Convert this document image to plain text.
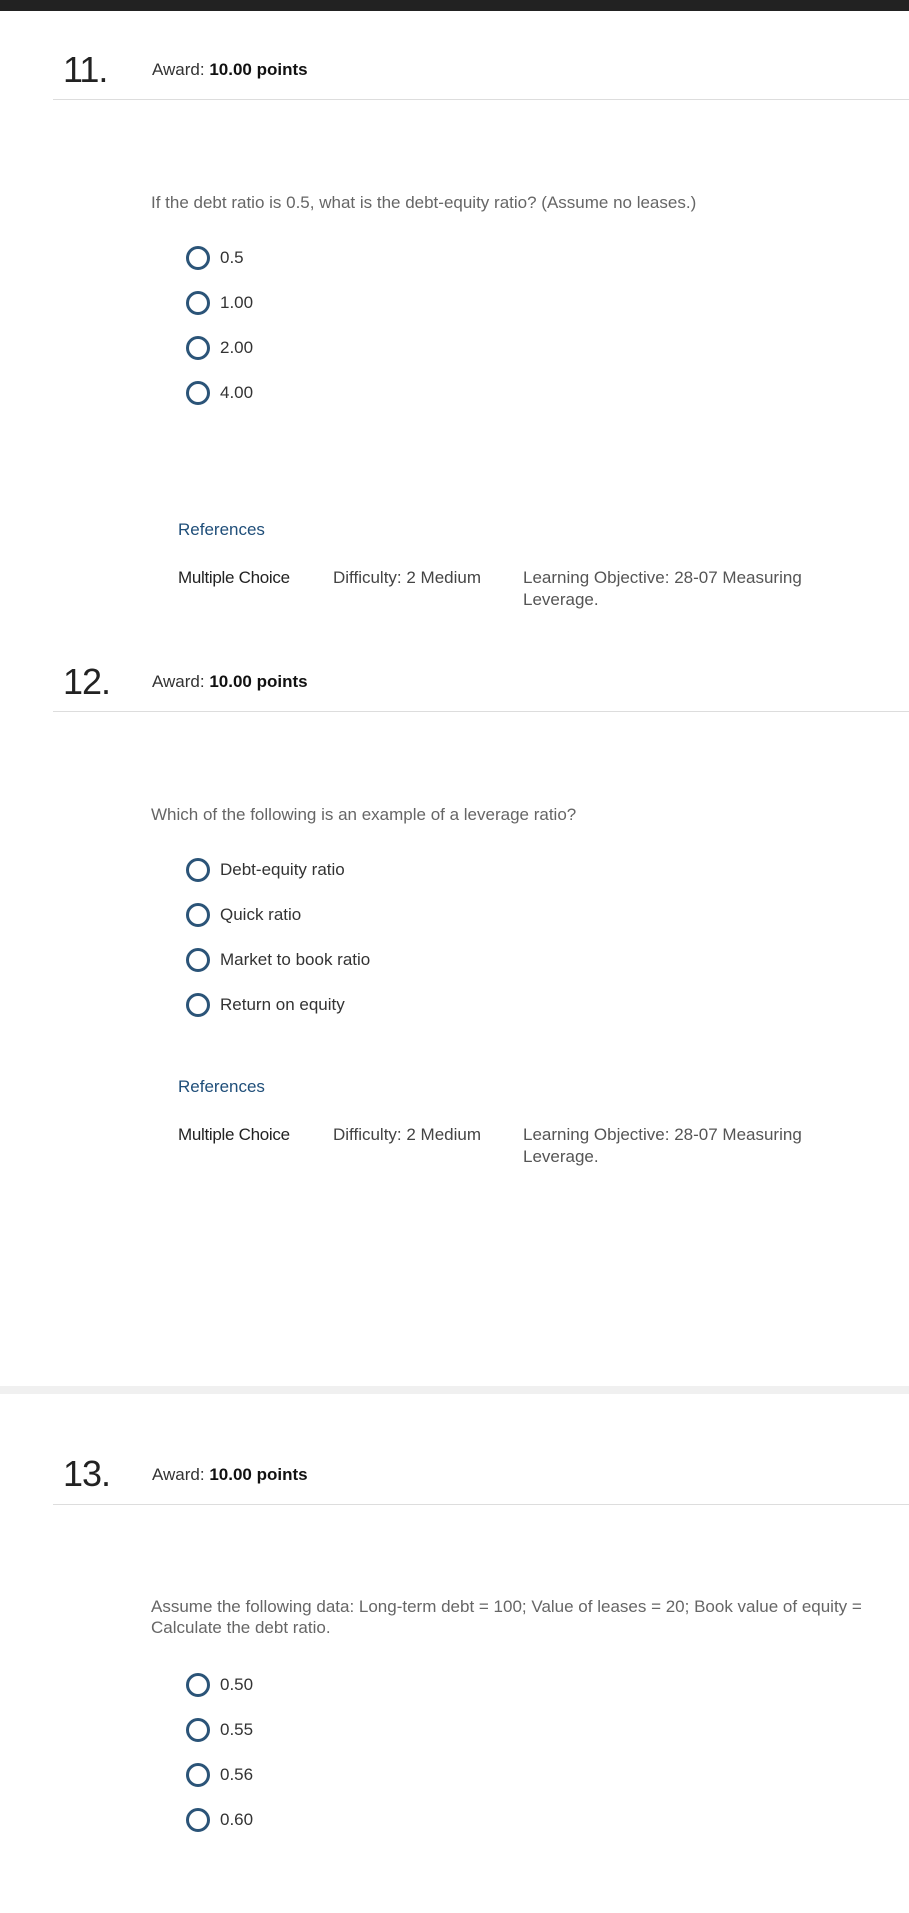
11.	Award: 10.00 points
If the debt ratio is 0.5, what is the debt-equity ratio? (Assume no leases.)
0.5
1.00
2.00
4.00
References
Multiple Choice	Difficulty: 2 Medium	Learning Objective: 28-07 Measuring Leverage.
12. Award: 10.00 points
Which of the following is an example of a leverage ratio?
Debt-equity ratio
Quick ratio
Market to book ratio
Return on equity
References
Multiple Choice	Difficulty: 2 Medium	Learning Objective: 28-07 Measuring Leverage.
13. Award: 10.00 points
Assume the following data: Long-term debt = 100; Value of leases = 20; Book value of equity =
Calculate the debt ratio.
0.50
0.55
0.56
0.60
